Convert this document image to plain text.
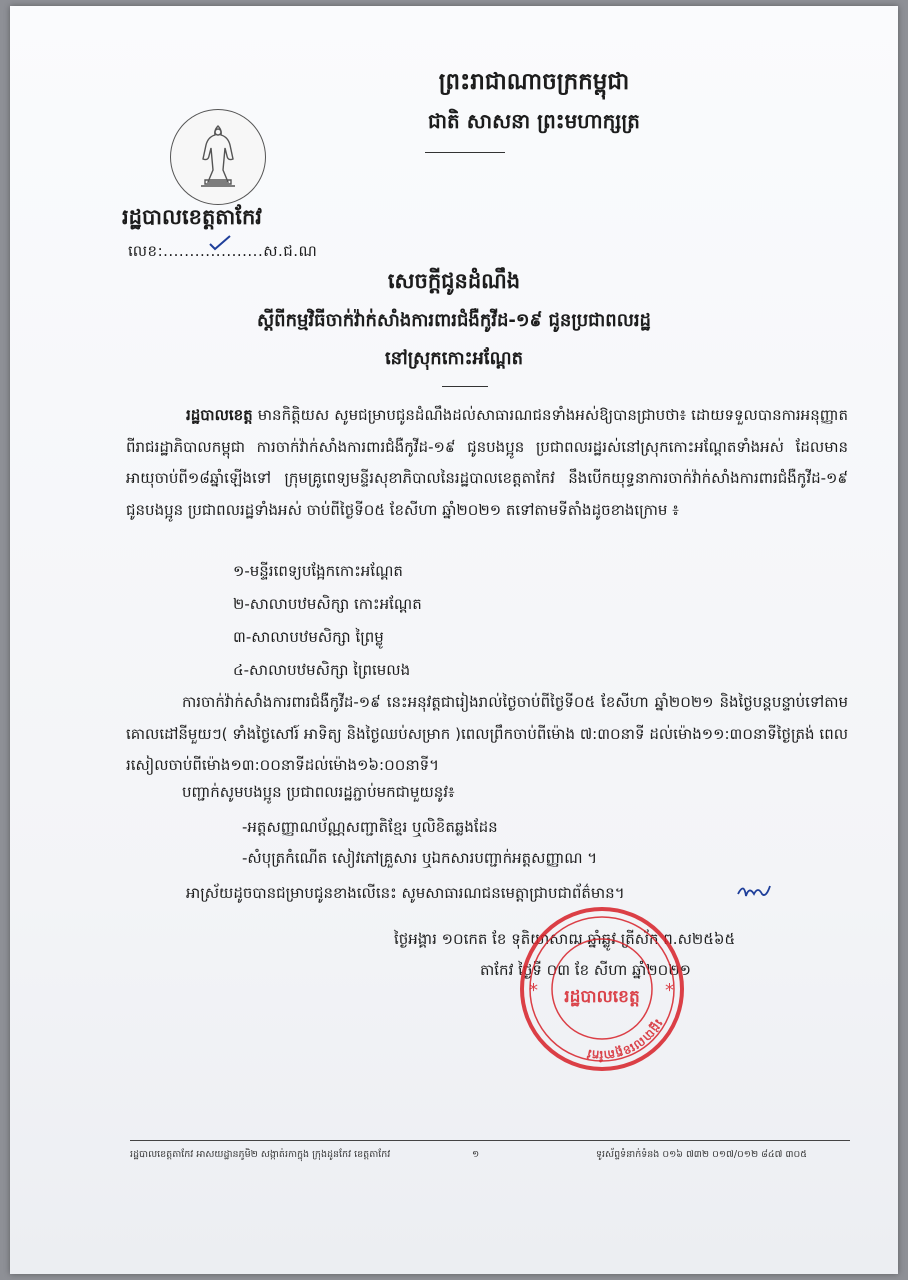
ព្រះរាជាណាចក្រកម្ពុជា
ជាតិ សាសនា ព្រះមហាក្សត្រ
រដ្ឋបាលខេត្តតាកែវ
លេខ:...................ស.ជ.ណ
សេចក្តីជូនដំណឹង
ស្តីពីកម្មវិធីចាក់វ៉ាក់សាំងការពារជំងឺកូវីដ-១៩ ជូនប្រជាពលរដ្ឋ
នៅស្រុកកោះអណ្តែត
រដ្ឋបាលខេត្ត មានកិត្តិយស សូមជម្រាបជូនដំណឹងដល់សាធារណជនទាំងអស់ឱ្យបានជ្រាបថា៖ ដោយទទួលបានការអនុញ្ញាតពីរាជរដ្ឋាភិបាលកម្ពុជា ការចាក់វ៉ាក់សាំងការពារជំងឺកូវីដ-១៩ ជូនបងប្អូន ប្រជាពលរដ្ឋរស់នៅស្រុកកោះអណ្តែតទាំងអស់ ដែលមានអាយុចាប់ពី១៨ឆ្នាំឡើងទៅ ក្រុមគ្រូពេទ្យមន្ទីរសុខាភិបាលនៃរដ្ឋបាលខេត្តតាកែវ នឹងបើកយុទ្ធនាការចាក់វ៉ាក់សាំងការពារជំងឺកូវីដ-១៩ ជូនបងប្អូន ប្រជាពលរដ្ឋទាំងអស់ ចាប់ពីថ្ងៃទី០៥ ខែសីហា ឆ្នាំ២០២១ តទៅតាមទីតាំងដូចខាងក្រោម ៖
១-មន្ទីរពេទ្យបង្អែកកោះអណ្តែត
២-សាលាបឋមសិក្សា កោះអណ្តែត
៣-សាលាបឋមសិក្សា ព្រៃម្លូ
៤-សាលាបឋមសិក្សា ព្រៃមេលង
ការចាក់វ៉ាក់សាំងការពារជំងឺកូវីដ-១៩ នេះអនុវត្តជារៀងរាល់ថ្ងៃចាប់ពីថ្ងៃទី០៥ ខែសីហា ឆ្នាំ២០២១ និងថ្ងៃបន្តបន្ទាប់ទៅតាមគោលដៅនីមួយៗ( ទាំងថ្ងៃសៅរ៍ អាទិត្យ និងថ្ងៃឈប់សម្រាក )ពេលព្រឹកចាប់ពីម៉ោង ៧:៣០នាទី ដល់ម៉ោង១១:៣០នាទីថ្ងៃត្រង់ ពេលរសៀលចាប់ពីម៉ោង១៣:០០នាទីដល់ម៉ោង១៦:០០នាទី។
បញ្ជាក់សូមបងប្អូន ប្រជាពលរដ្ឋភ្ជាប់មកជាមួយនូវ៖
-អត្តសញ្ញាណប័ណ្ណសញ្ជាតិខ្មែរ ឬលិខិតឆ្លងដែន
-សំបុត្រកំណើត សៀវភៅគ្រួសារ ឬឯកសារបញ្ជាក់អត្តសញ្ញាណ ។
អាស្រ័យដូចបានជម្រាបជូនខាងលើនេះ សូមសាធារណជនមេត្តាជ្រាបជាព័ត៌មាន។
ថ្ងៃអង្គារ ១០កេត ខែ ទុតិយាសាឍ ឆ្នាំឆ្លូវ ត្រីស័ក ព.ស២៥៦៥
តាកែវ ថ្ងៃទី ០៣ ខែ សីហា ឆ្នាំ២០២១
*	*
រដ្ឋបាលខេត្តតាកែវ
រដ្ឋបាលខេត្ត
រដ្ឋបាលខេត្តតាកែវ អាសយដ្ឋានភូមិ២ សង្កាត់រកាក្នុង ក្រុងដូនកែវ ខេត្តតាកែវ	១	ទូរស័ព្ទទំនាក់ទំនង ០១៦ ៧៣២ ០១៧/០១២ ៨៤៧ ៣០៥
